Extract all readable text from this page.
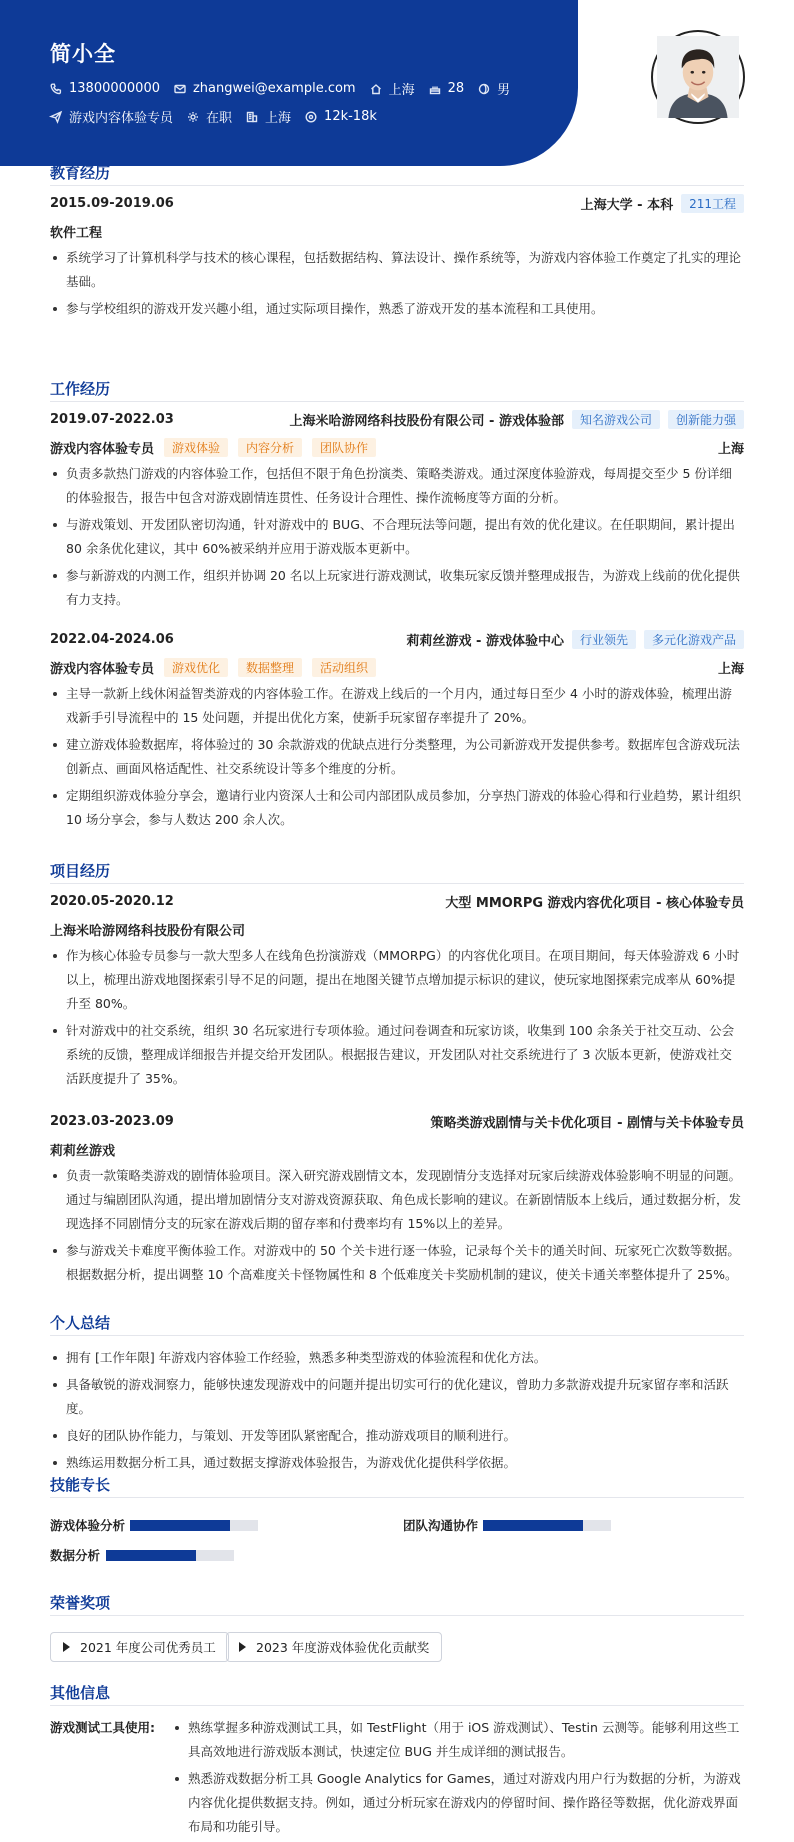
简小全
13800000000	zhangwei@example.com	上海	28	男
游戏内容体验专员	在职	上海	12k-18k
教育经历
2015.09-2019.06	上海大学 - 本科	211工程
软件工程
系统学习了计算机科学与技术的核心课程，包括数据结构、算法设计、操作系统等，为游戏内容体验工作奠定了扎实的理论基础。
参与学校组织的游戏开发兴趣小组，通过实际项目操作，熟悉了游戏开发的基本流程和工具使用。
工作经历
2019.07-2022.03	上海米哈游网络科技股份有限公司 - 游戏体验部	知名游戏公司	创新能力强
游戏内容体验专员	游戏体验	内容分析	团队协作	上海
负责多款热门游戏的内容体验工作，包括但不限于角色扮演类、策略类游戏。通过深度体验游戏，每周提交至少 5 份详细的体验报告，报告中包含对游戏剧情连贯性、任务设计合理性、操作流畅度等方面的分析。
与游戏策划、开发团队密切沟通，针对游戏中的 BUG、不合理玩法等问题，提出有效的优化建议。在任职期间，累计提出 80 余条优化建议，其中 60%被采纳并应用于游戏版本更新中。
参与新游戏的内测工作，组织并协调 20 名以上玩家进行游戏测试，收集玩家反馈并整理成报告，为游戏上线前的优化提供有力支持。
2022.04-2024.06	莉莉丝游戏 - 游戏体验中心	行业领先	多元化游戏产品
游戏内容体验专员	游戏优化	数据整理	活动组织	上海
主导一款新上线休闲益智类游戏的内容体验工作。在游戏上线后的一个月内，通过每日至少 4 小时的游戏体验，梳理出游戏新手引导流程中的 15 处问题，并提出优化方案，使新手玩家留存率提升了 20%。
建立游戏体验数据库，将体验过的 30 余款游戏的优缺点进行分类整理，为公司新游戏开发提供参考。数据库包含游戏玩法创新点、画面风格适配性、社交系统设计等多个维度的分析。
定期组织游戏体验分享会，邀请行业内资深人士和公司内部团队成员参加，分享热门游戏的体验心得和行业趋势，累计组织 10 场分享会，参与人数达 200 余人次。
项目经历
2020.05-2020.12	大型 MMORPG 游戏内容优化项目 - 核心体验专员
上海米哈游网络科技股份有限公司
作为核心体验专员参与一款大型多人在线角色扮演游戏（MMORPG）的内容优化项目。在项目期间，每天体验游戏 6 小时以上，梳理出游戏地图探索引导不足的问题，提出在地图关键节点增加提示标识的建议，使玩家地图探索完成率从 60%提升至 80%。
针对游戏中的社交系统，组织 30 名玩家进行专项体验。通过问卷调查和玩家访谈，收集到 100 余条关于社交互动、公会系统的反馈，整理成详细报告并提交给开发团队。根据报告建议，开发团队对社交系统进行了 3 次版本更新，使游戏社交活跃度提升了 35%。
2023.03-2023.09	策略类游戏剧情与关卡优化项目 - 剧情与关卡体验专员
莉莉丝游戏
负责一款策略类游戏的剧情体验项目。深入研究游戏剧情文本，发现剧情分支选择对玩家后续游戏体验影响不明显的问题。通过与编剧团队沟通，提出增加剧情分支对游戏资源获取、角色成长影响的建议。在新剧情版本上线后，通过数据分析，发现选择不同剧情分支的玩家在游戏后期的留存率和付费率均有 15%以上的差异。
参与游戏关卡难度平衡体验工作。对游戏中的 50 个关卡进行逐一体验，记录每个关卡的通关时间、玩家死亡次数等数据。根据数据分析，提出调整 10 个高难度关卡怪物属性和 8 个低难度关卡奖励机制的建议，使关卡通关率整体提升了 25%。
个人总结
拥有 [工作年限] 年游戏内容体验工作经验，熟悉多种类型游戏的体验流程和优化方法。
具备敏锐的游戏洞察力，能够快速发现游戏中的问题并提出切实可行的优化建议，曾助力多款游戏提升玩家留存率和活跃度。
良好的团队协作能力，与策划、开发等团队紧密配合，推动游戏项目的顺利进行。
熟练运用数据分析工具，通过数据支撑游戏体验报告，为游戏优化提供科学依据。
技能专长
游戏体验分析	团队沟通协作
数据分析
荣誉奖项
2021 年度公司优秀员工	2023 年度游戏体验优化贡献奖
其他信息
游戏测试工具使用:	熟练掌握多种游戏测试工具，如 TestFlight（用于 iOS 游戏测试）、Testin 云测等。能够利用这些工具高效地进行游戏版本测试，快速定位 BUG 并生成详细的测试报告。
熟悉游戏数据分析工具 Google Analytics for Games，通过对游戏内用户行为数据的分析，为游戏内容优化提供数据支持。例如，通过分析玩家在游戏内的停留时间、操作路径等数据，优化游戏界面布局和功能引导。
